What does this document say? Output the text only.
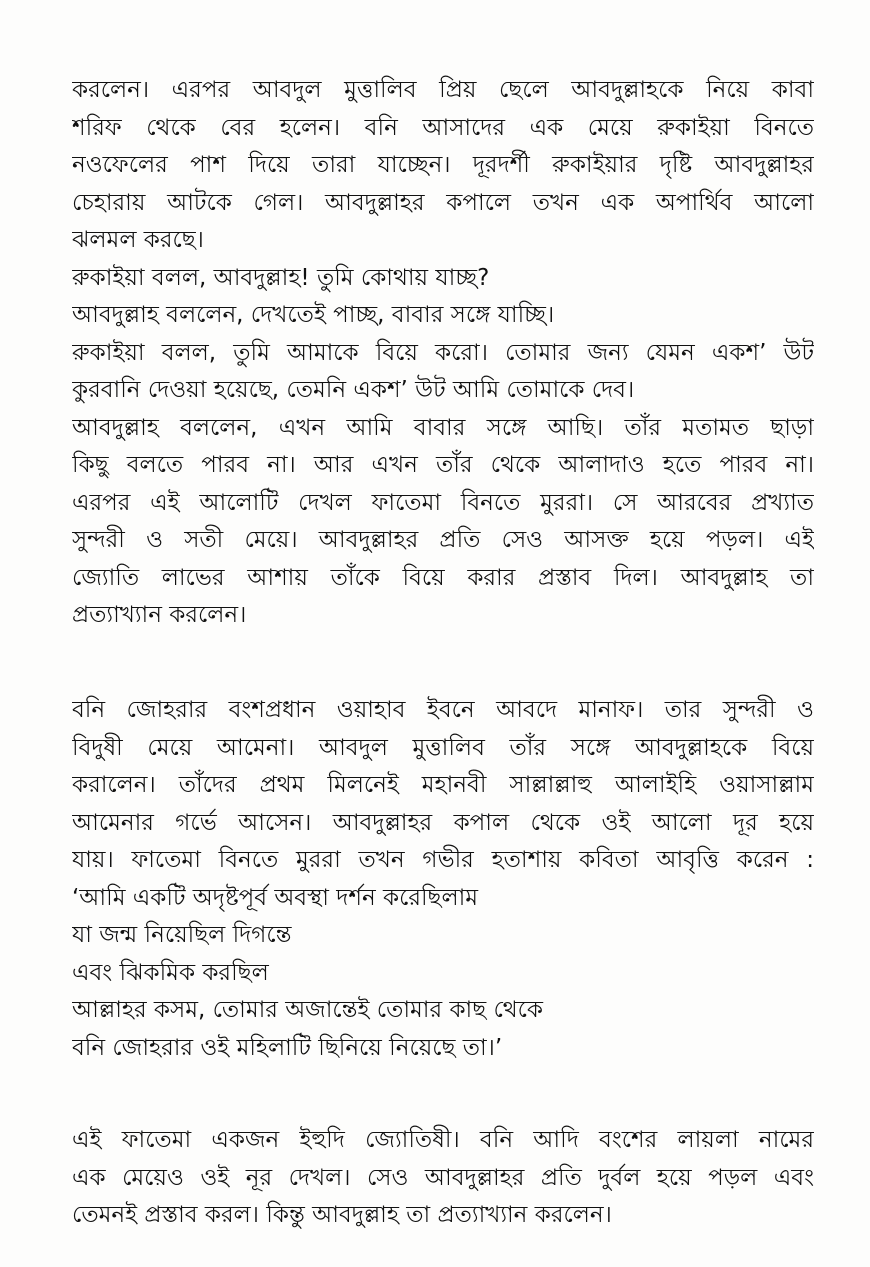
করলেন। এরপর আবদুল মুত্তালিব প্রিয় ছেলে আবদুল্লাহকে নিয়ে কাবা
শরিফ থেকে বের হলেন। বনি আসাদের এক মেয়ে রুকাইয়া বিনতে
নওফেলের পাশ দিয়ে তারা যাচ্ছেন। দূরদর্শী রুকাইয়ার দৃষ্টি আবদুল্লাহর
চেহারায় আটকে গেল। আবদুল্লাহর কপালে তখন এক অপার্থিব আলো
ঝলমল করছে।
রুকাইয়া বলল, আবদুল্লাহ! তুমি কোথায় যাচ্ছ?
আবদুল্লাহ বললেন, দেখতেই পাচ্ছ, বাবার সঙ্গে যাচ্ছি।
রুকাইয়া বলল, তুমি আমাকে বিয়ে করো। তোমার জন্য যেমন একশ’ উট
কুরবানি দেওয়া হয়েছে, তেমনি একশ’ উট আমি তোমাকে দেব।
আবদুল্লাহ বললেন, এখন আমি বাবার সঙ্গে আছি। তাঁর মতামত ছাড়া
কিছু বলতে পারব না। আর এখন তাঁর থেকে আলাদাও হতে পারব না।
এরপর এই আলোটি দেখল ফাতেমা বিনতে মুররা। সে আরবের প্রখ্যাত
সুন্দরী ও সতী মেয়ে। আবদুল্লাহর প্রতি সেও আসক্ত হয়ে পড়ল। এই
জ্যোতি লাভের আশায় তাঁকে বিয়ে করার প্রস্তাব দিল। আবদুল্লাহ তা
প্রত্যাখ্যান করলেন।
বনি জোহরার বংশপ্রধান ওয়াহাব ইবনে আবদে মানাফ। তার সুন্দরী ও
বিদুষী মেয়ে আমেনা। আবদুল মুত্তালিব তাঁর সঙ্গে আবদুল্লাহকে বিয়ে
করালেন। তাঁদের প্রথম মিলনেই মহানবী সাল্লাল্লাহু আলাইহি ওয়াসাল্লাম
আমেনার গর্ভে আসেন। আবদুল্লাহর কপাল থেকে ওই আলো দূর হয়ে
যায়। ফাতেমা বিনতে মুররা তখন গভীর হতাশায় কবিতা আবৃত্তি করেন :
‘আমি একটি অদৃষ্টপূর্ব অবস্থা দর্শন করেছিলাম
যা জন্ম নিয়েছিল দিগন্তে
এবং ঝিকমিক করছিল
আল্লাহর কসম, তোমার অজান্তেই তোমার কাছ থেকে
বনি জোহরার ওই মহিলাটি ছিনিয়ে নিয়েছে তা।’
এই ফাতেমা একজন ইহুদি জ্যোতিষী। বনি আদি বংশের লায়লা নামের
এক মেয়েও ওই নূর দেখল। সেও আবদুল্লাহর প্রতি দুর্বল হয়ে পড়ল এবং
তেমনই প্রস্তাব করল। কিন্তু আবদুল্লাহ তা প্রত্যাখ্যান করলেন।
